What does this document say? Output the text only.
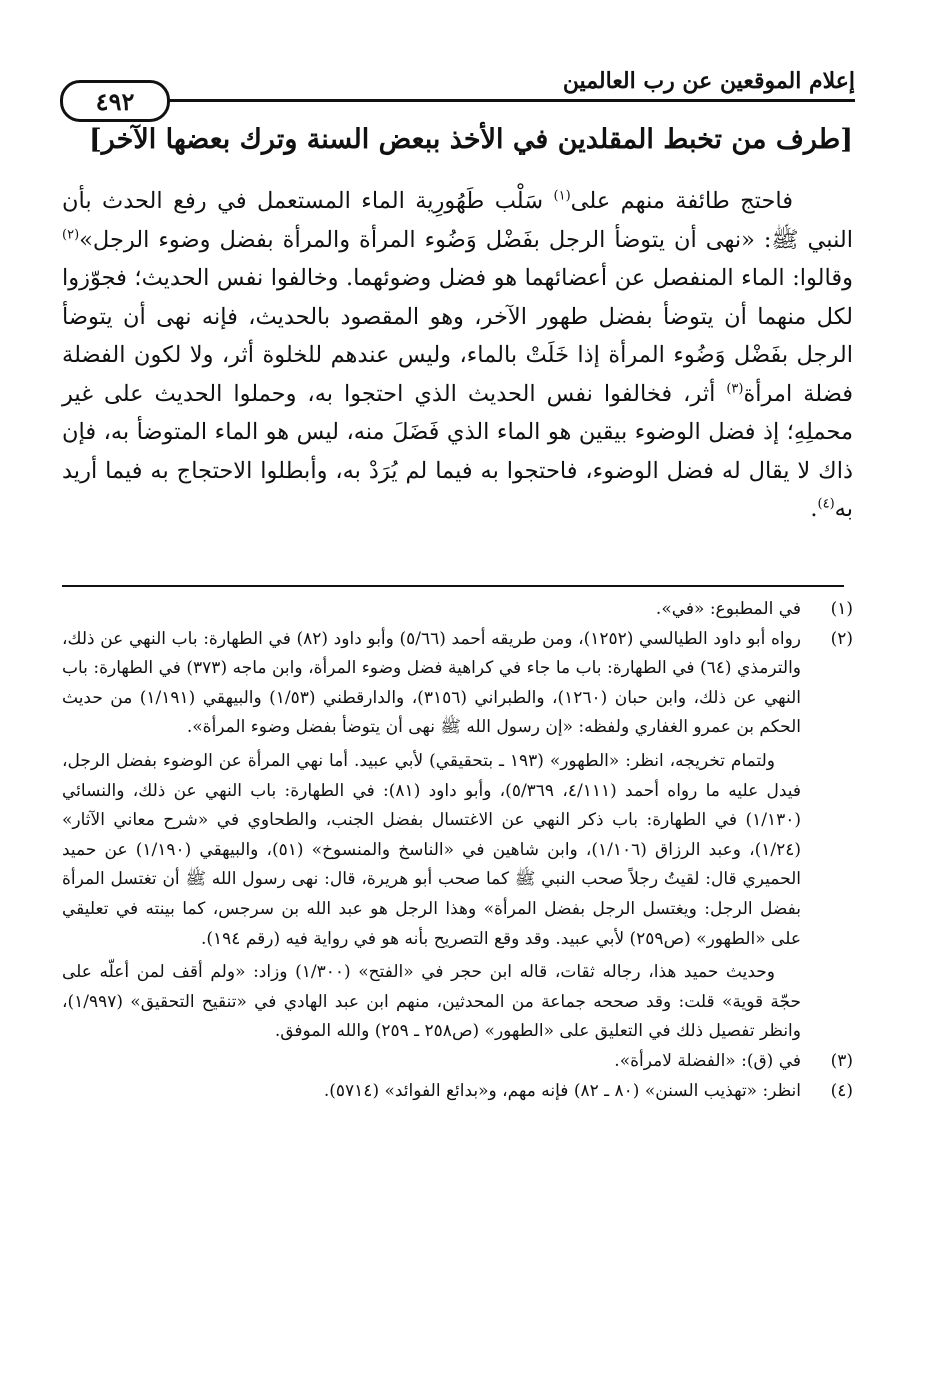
إعلام الموقعين عن رب العالمين
٤٩٢
[طرف من تخبط المقلدين في الأخذ ببعض السنة وترك بعضها الآخر]

فاحتج طائفة منهم على$^{(١)}$ سَلْب طَهُورِية الماء المستعمل في رفع الحدث بأن النبي ﷺ: «نهى أن يتوضأ الرجل بفَضْل وَضُوء المرأة والمرأة بفضل وضوء الرجل»$^{(٢)}$ وقالوا: الماء المنفصل عن أعضائهما هو فضل وضوئهما. وخالفوا نفس الحديث؛ فجوّزوا لكل منهما أن يتوضأ بفضل طهور الآخر، وهو المقصود بالحديث، فإنه نهى أن يتوضأ الرجل بفَضْل وَضُوء المرأة إذا خَلَتْ بالماء، وليس عندهم للخلوة أثر، ولا لكون الفضلة فضلة امرأة$^{(٣)}$ أثر، فخالفوا نفس الحديث الذي احتجوا به، وحملوا الحديث على غير محملِهِ؛ إذ فضل الوضوء بيقين هو الماء الذي فَضَلَ منه، ليس هو الماء المتوضأ به، فإن ذاك لا يقال له فضل الوضوء، فاحتجوا به فيما لم يُرَدْ به، وأبطلوا الاحتجاج به فيما أريد به$^{(٤)}$.

(١)
في المطبوع: «في».
(٢)
رواه أبو داود الطيالسي (١٢٥٢)، ومن طريقه أحمد (٥/٦٦) وأبو داود (٨٢) في الطهارة: باب النهي عن ذلك، والترمذي (٦٤) في الطهارة: باب ما جاء في كراهية فضل وضوء المرأة، وابن ماجه (٣٧٣) في الطهارة: باب النهي عن ذلك، وابن حبان (١٢٦٠)، والطبراني (٣١٥٦)، والدارقطني (١/٥٣) والبيهقي (١/١٩١) من حديث الحكم بن عمرو الغفاري ولفظه: «إن رسول الله ﷺ نهى أن يتوضأ بفضل وضوء المرأة».

ولتمام تخريجه، انظر: «الطهور» (١٩٣ ـ بتحقيقي) لأبي عبيد. أما نهي المرأة عن الوضوء بفضل الرجل، فيدل عليه ما رواه أحمد (٤/١١١، ٥/٣٦٩)، وأبو داود (٨١): في الطهارة: باب النهي عن ذلك، والنسائي (١/١٣٠) في الطهارة: باب ذكر النهي عن الاغتسال بفضل الجنب، والطحاوي في «شرح معاني الآثار» (١/٢٤)، وعبد الرزاق (١/١٠٦)، وابن شاهين في «الناسخ والمنسوخ» (٥١)، والبيهقي (١/١٩٠) عن حميد الحميري قال: لقيتُ رجلاً صحب النبي ﷺ كما صحب أبو هريرة، قال: نهى رسول الله ﷺ أن تغتسل المرأة بفضل الرجل: ويغتسل الرجل بفضل المرأة» وهذا الرجل هو عبد الله بن سرجس، كما بينته في تعليقي على «الطهور» (ص٢٥٩) لأبي عبيد. وقد وقع التصريح بأنه هو في رواية فيه (رقم ١٩٤).

وحديث حميد هذا، رجاله ثقات، قاله ابن حجر في «الفتح» (١/٣٠٠) وزاد: «ولم أقف لمن أعلّه على حجّة قوية» قلت: وقد صححه جماعة من المحدثين، منهم ابن عبد الهادي في «تنقيح التحقيق» (١/٩٩٧)، وانظر تفصيل ذلك في التعليق على «الطهور» (ص٢٥٨ ـ ٢٥٩) والله الموفق.

(٣)
في (ق): «الفضلة لامرأة».
(٤)
انظر: «تهذيب السنن» (٨٠ ـ ٨٢) فإنه مهم، و«بدائع الفوائد» (٥٧١٤).
